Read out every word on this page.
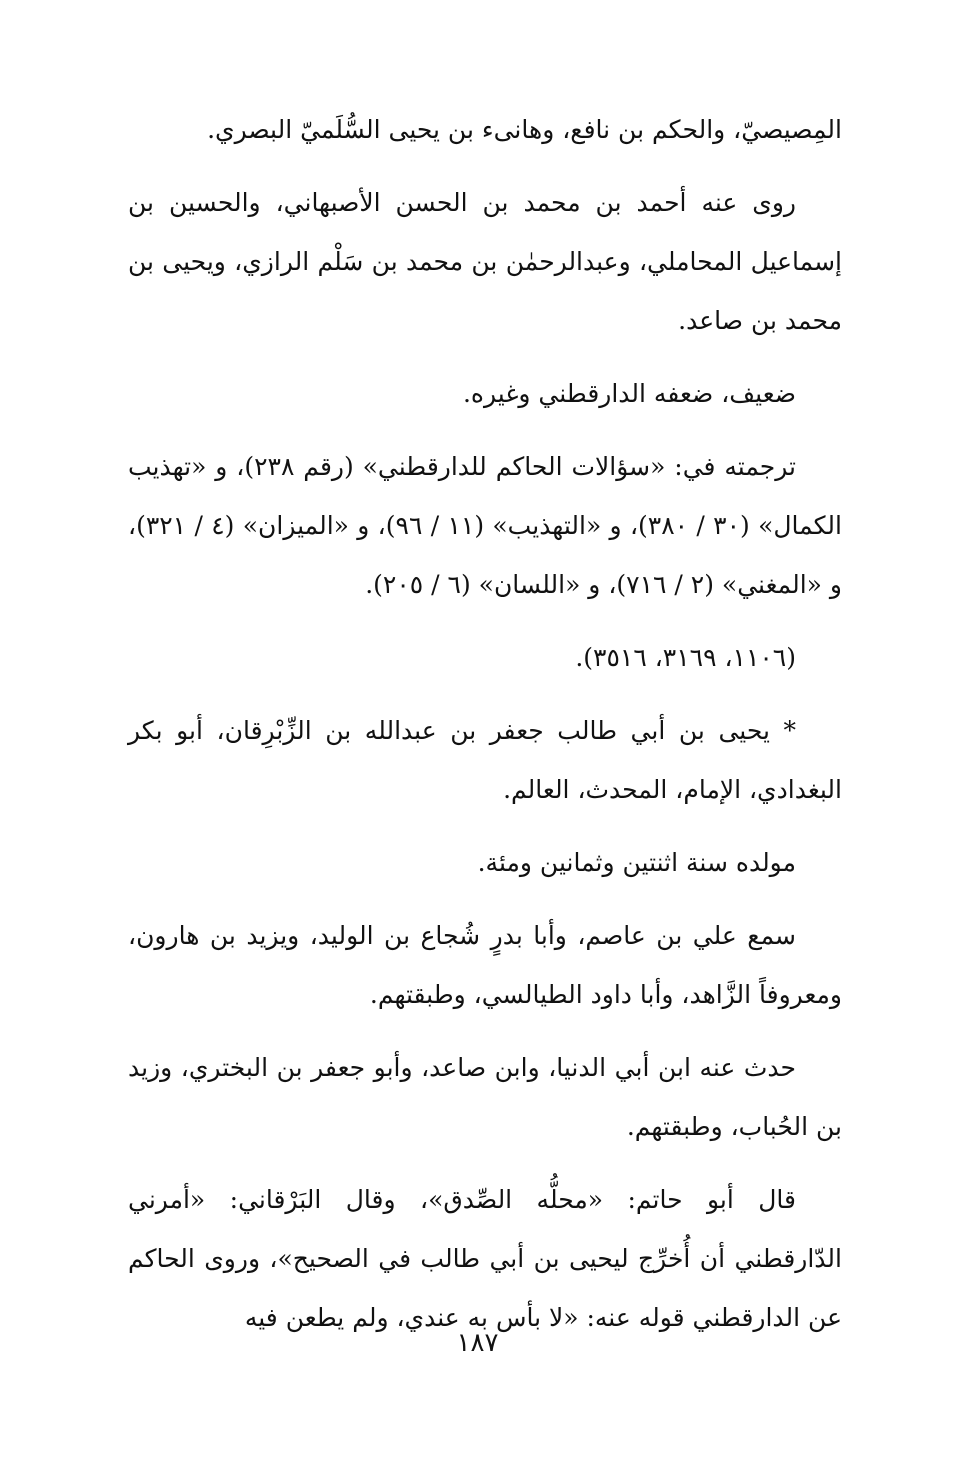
المِصيصيّ، والحكم بن نافع، وهانىء بن يحيى السُّلَميّ البصري.

روى عنه أحمد بن محمد بن الحسن الأصبهاني، والحسين بن إسماعيل المحاملي، وعبدالرحمٰن بن محمد بن سَلْم الرازي، ويحيى بن محمد بن صاعد.

ضعيف، ضعفه الدارقطني وغيره.

ترجمته في: «سؤالات الحاكم للدارقطني» (رقم ٢٣٨)، و «تهذيب الكمال» (٣٠ / ٣٨٠)، و «التهذيب» (١١ / ٩٦)، و «الميزان» (٤ / ٣٢١)، و «المغني» (٢ / ٧١٦)، و «اللسان» (٦ / ٢٠٥).

(١١٠٦، ٣١٦٩، ٣٥١٦).

* يحيى بن أبي طالب جعفر بن عبدالله بن الزِّبْرِقان، أبو بكر البغدادي، الإمام، المحدث، العالم.

مولده سنة اثنتين وثمانين ومئة.

سمع علي بن عاصم، وأبا بدرٍ شُجاع بن الوليد، ويزيد بن هارون، ومعروفاً الزَّاهد، وأبا داود الطيالسي، وطبقتهم.

حدث عنه ابن أبي الدنيا، وابن صاعد، وأبو جعفر بن البختري، وزيد بن الحُباب، وطبقتهم.

قال أبو حاتم: «محلُّه الصِّدق»، وقال البَرْقاني: «أمرني الدّارقطني أن أُخرِّج ليحيى بن أبي طالب في الصحيح»، وروى الحاكم عن الدارقطني قوله عنه: «لا بأس به عندي، ولم يطعن فيه

١٨٧
